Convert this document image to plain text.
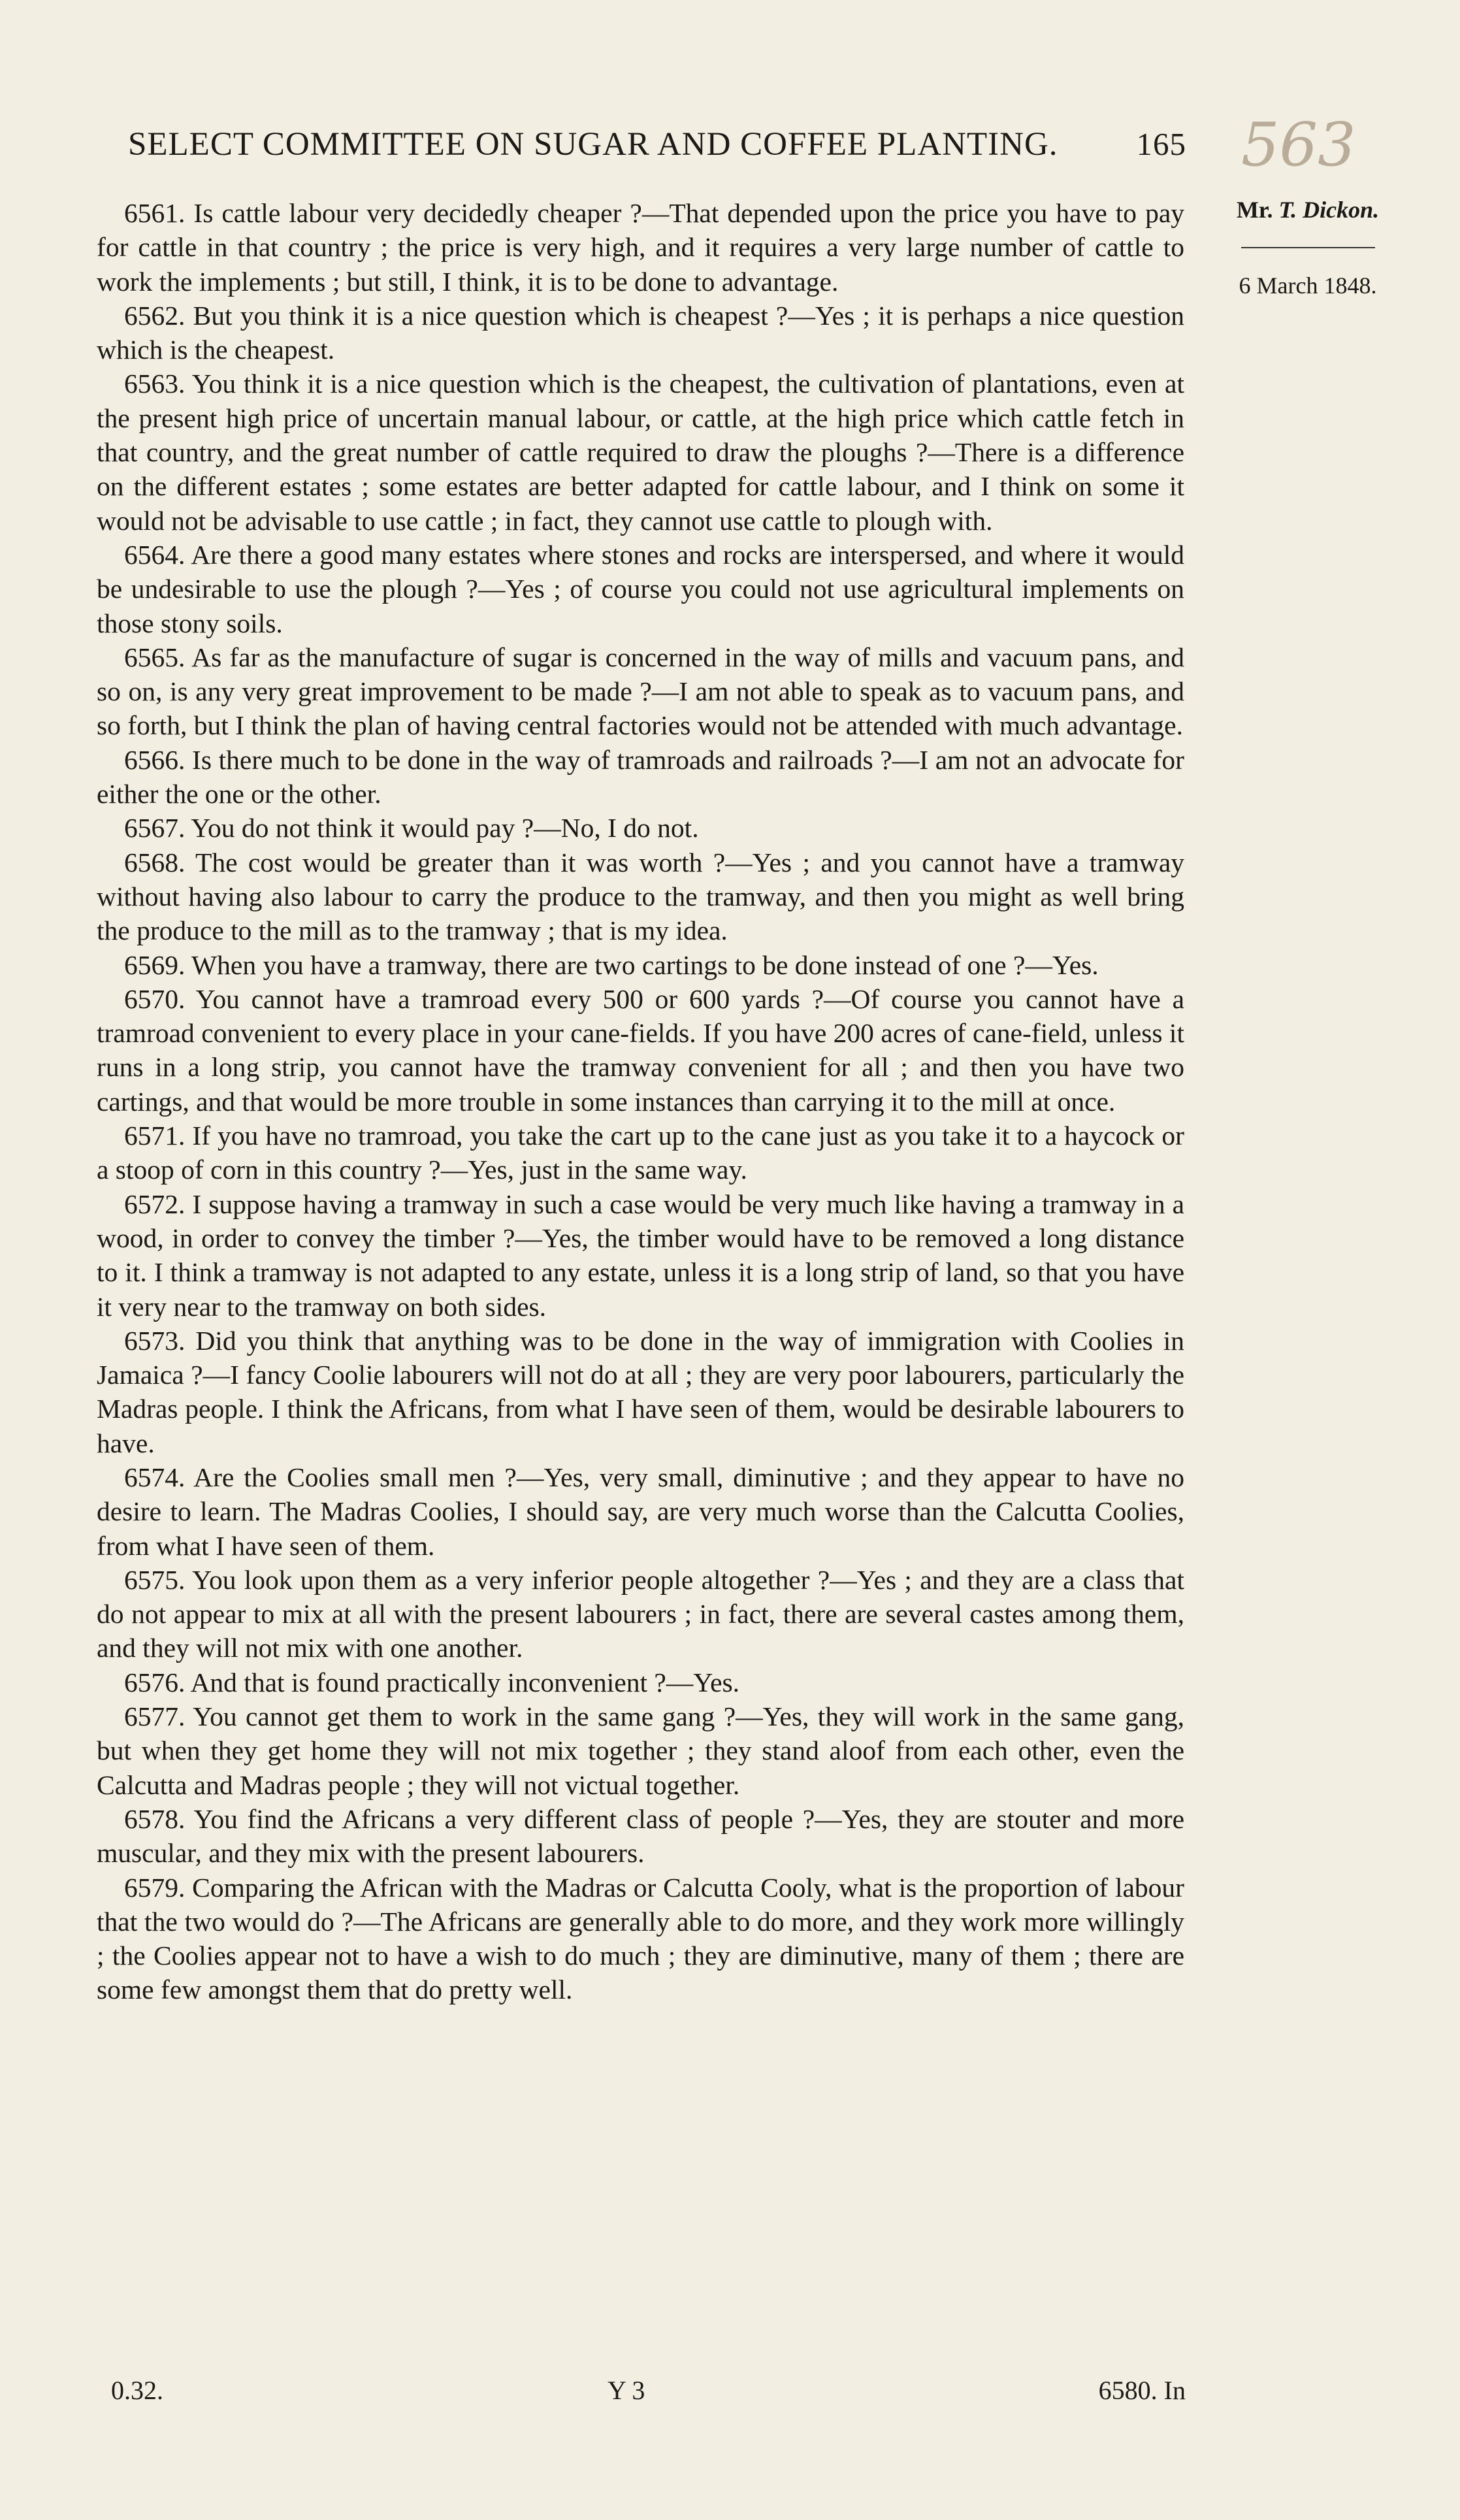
SELECT COMMITTEE ON SUGAR AND COFFEE PLANTING. 165 563
Mr. T. Dickon.
6 March 1848.

6561. Is cattle labour very decidedly cheaper ?—That depended upon the price you have to pay for cattle in that country ; the price is very high, and it requires a very large number of cattle to work the implements ; but still, I think, it is to be done to advantage.

6562. But you think it is a nice question which is cheapest ?—Yes ; it is perhaps a nice question which is the cheapest.

6563. You think it is a nice question which is the cheapest, the cultivation of plantations, even at the present high price of uncertain manual labour, or cattle, at the high price which cattle fetch in that country, and the great number of cattle required to draw the ploughs ?—There is a difference on the different estates ; some estates are better adapted for cattle labour, and I think on some it would not be advisable to use cattle ; in fact, they cannot use cattle to plough with.

6564. Are there a good many estates where stones and rocks are interspersed, and where it would be undesirable to use the plough ?—Yes ; of course you could not use agricultural implements on those stony soils.

6565. As far as the manufacture of sugar is concerned in the way of mills and vacuum pans, and so on, is any very great improvement to be made ?—I am not able to speak as to vacuum pans, and so forth, but I think the plan of having central factories would not be attended with much advantage.

6566. Is there much to be done in the way of tramroads and railroads ?—I am not an advocate for either the one or the other.

6567. You do not think it would pay ?—No, I do not.

6568. The cost would be greater than it was worth ?—Yes ; and you cannot have a tramway without having also labour to carry the produce to the tramway, and then you might as well bring the produce to the mill as to the tramway ; that is my idea.

6569. When you have a tramway, there are two cartings to be done instead of one ?—Yes.

6570. You cannot have a tramroad every 500 or 600 yards ?—Of course you cannot have a tramroad convenient to every place in your cane-fields. If you have 200 acres of cane-field, unless it runs in a long strip, you cannot have the tramway convenient for all ; and then you have two cartings, and that would be more trouble in some instances than carrying it to the mill at once.

6571. If you have no tramroad, you take the cart up to the cane just as you take it to a haycock or a stoop of corn in this country ?—Yes, just in the same way.

6572. I suppose having a tramway in such a case would be very much like having a tramway in a wood, in order to convey the timber ?—Yes, the timber would have to be removed a long distance to it. I think a tramway is not adapted to any estate, unless it is a long strip of land, so that you have it very near to the tramway on both sides.

6573. Did you think that anything was to be done in the way of immigration with Coolies in Jamaica ?—I fancy Coolie labourers will not do at all ; they are very poor labourers, particularly the Madras people. I think the Africans, from what I have seen of them, would be desirable labourers to have.

6574. Are the Coolies small men ?—Yes, very small, diminutive ; and they appear to have no desire to learn. The Madras Coolies, I should say, are very much worse than the Calcutta Coolies, from what I have seen of them.

6575. You look upon them as a very inferior people altogether ?—Yes ; and they are a class that do not appear to mix at all with the present labourers ; in fact, there are several castes among them, and they will not mix with one another.

6576. And that is found practically inconvenient ?—Yes.

6577. You cannot get them to work in the same gang ?—Yes, they will work in the same gang, but when they get home they will not mix together ; they stand aloof from each other, even the Calcutta and Madras people ; they will not victual together.

6578. You find the Africans a very different class of people ?—Yes, they are stouter and more muscular, and they mix with the present labourers.

6579. Comparing the African with the Madras or Calcutta Cooly, what is the proportion of labour that the two would do ?—The Africans are generally able to do more, and they work more willingly ; the Coolies appear not to have a wish to do much ; they are diminutive, many of them ; there are some few amongst them that do pretty well.

0.32.	Y 3	6580. In
